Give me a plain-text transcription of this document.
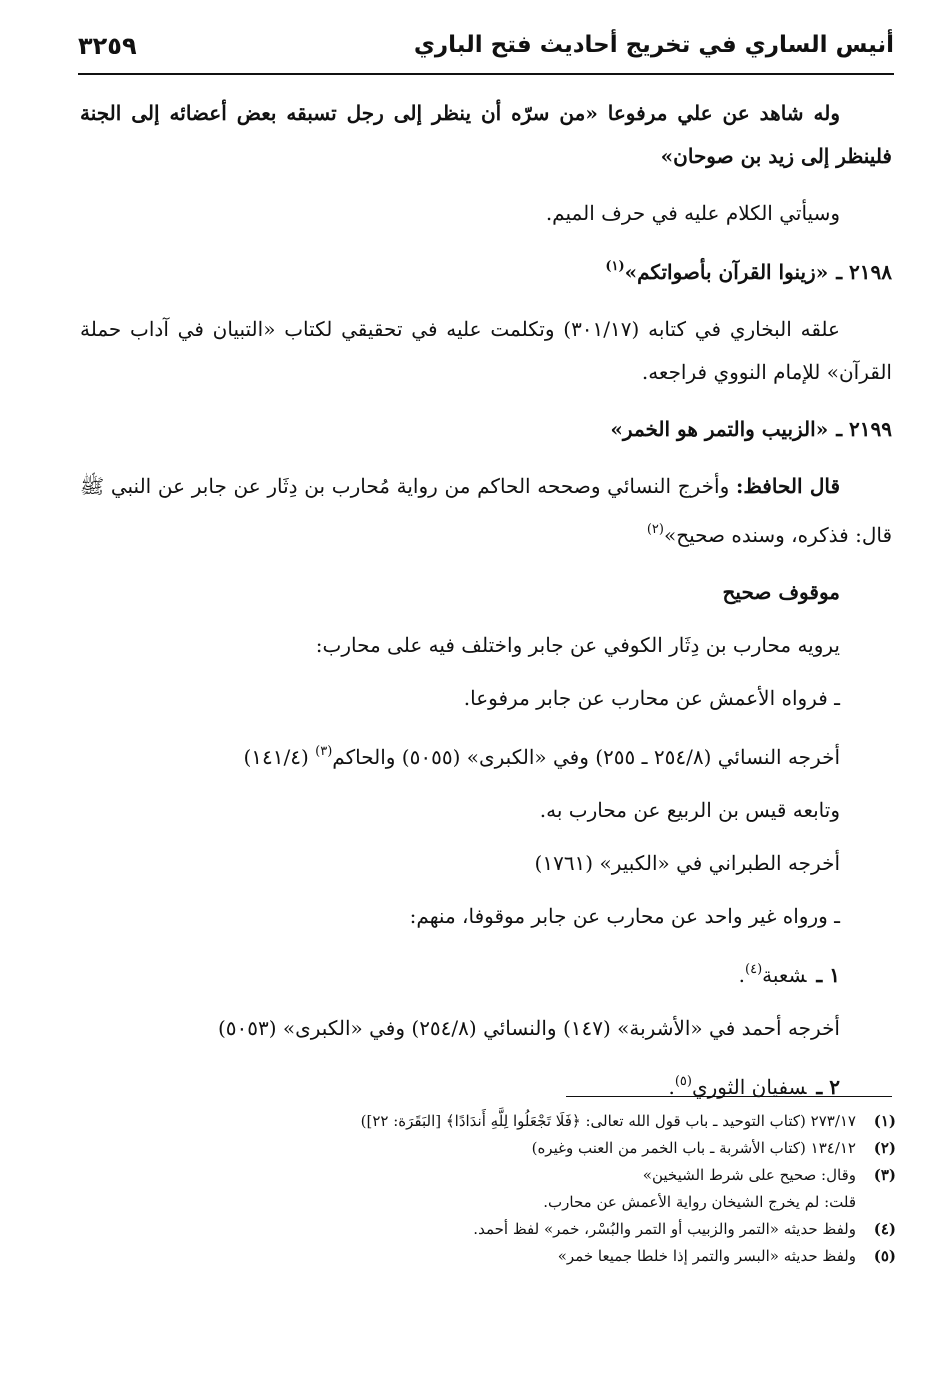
أنيس الساري في تخريج أحاديث فتح الباري
٣٢٥٩

وله شاهد عن علي مرفوعا «من سرّه أن ينظر إلى رجل تسبقه بعض أعضائه إلى الجنة فلينظر إلى زيد بن صوحان»

وسيأتي الكلام عليه في حرف الميم.

٢١٩٨ ـ«زينوا القرآن بأصواتكم»$^{(١)}$

علقه البخاري في كتابه (٣٠١/١٧) وتكلمت عليه في تحقيقي لكتاب «التبيان في آداب حملة القرآن» للإمام النووي فراجعه.

٢١٩٩ ـ«الزبيب والتمر هو الخمر»

قال الحافظ: وأخرج النسائي وصححه الحاكم من رواية مُحارب بن دِثَار عن جابر عن النبي ﷺ قال: فذكره، وسنده صحيح»$^{(٢)}$

موقوف صحيح

يرويه محارب بن دِثَار الكوفي عن جابر واختلف فيه على محارب:

ـ فرواه الأعمش عن محارب عن جابر مرفوعا.

أخرجه النسائي (٢٥٤/٨ ـ ٢٥٥) وفي «الكبرى» (٥٠٥٥) والحاكم$^{(٣)}$ (١٤١/٤)

وتابعه قيس بن الربيع عن محارب به.

أخرجه الطبراني في «الكبير» (١٧٦١)

ـ ورواه غير واحد عن محارب عن جابر موقوفا، منهم:

١ ـشعبة$^{(٤)}$.

أخرجه أحمد في «الأشربة» (١٤٧) والنسائي (٢٥٤/٨) وفي «الكبرى» (٥٠٥٣)

٢ ـسفيان الثوري$^{(٥)}$.

(١)٢٧٣/١٧ (كتاب التوحيد ـ باب قول الله تعالى: ﴿فَلَا تَجْعَلُوا لِلَّهِ أَندَادًا﴾ [البَقَرَة: ٢٢])

(٢)١٣٤/١٢ (كتاب الأشربة ـ باب الخمر من العنب وغيره)

(٣)وقال: صحيح على شرط الشيخين»

قلت: لم يخرج الشيخان رواية الأعمش عن محارب.

(٤)ولفظ حديثه «التمر والزبيب أو التمر والبُسْر، خمر» لفظ أحمد.

(٥)ولفظ حديثه «البسر والتمر إذا خلطا جميعا خمر»
